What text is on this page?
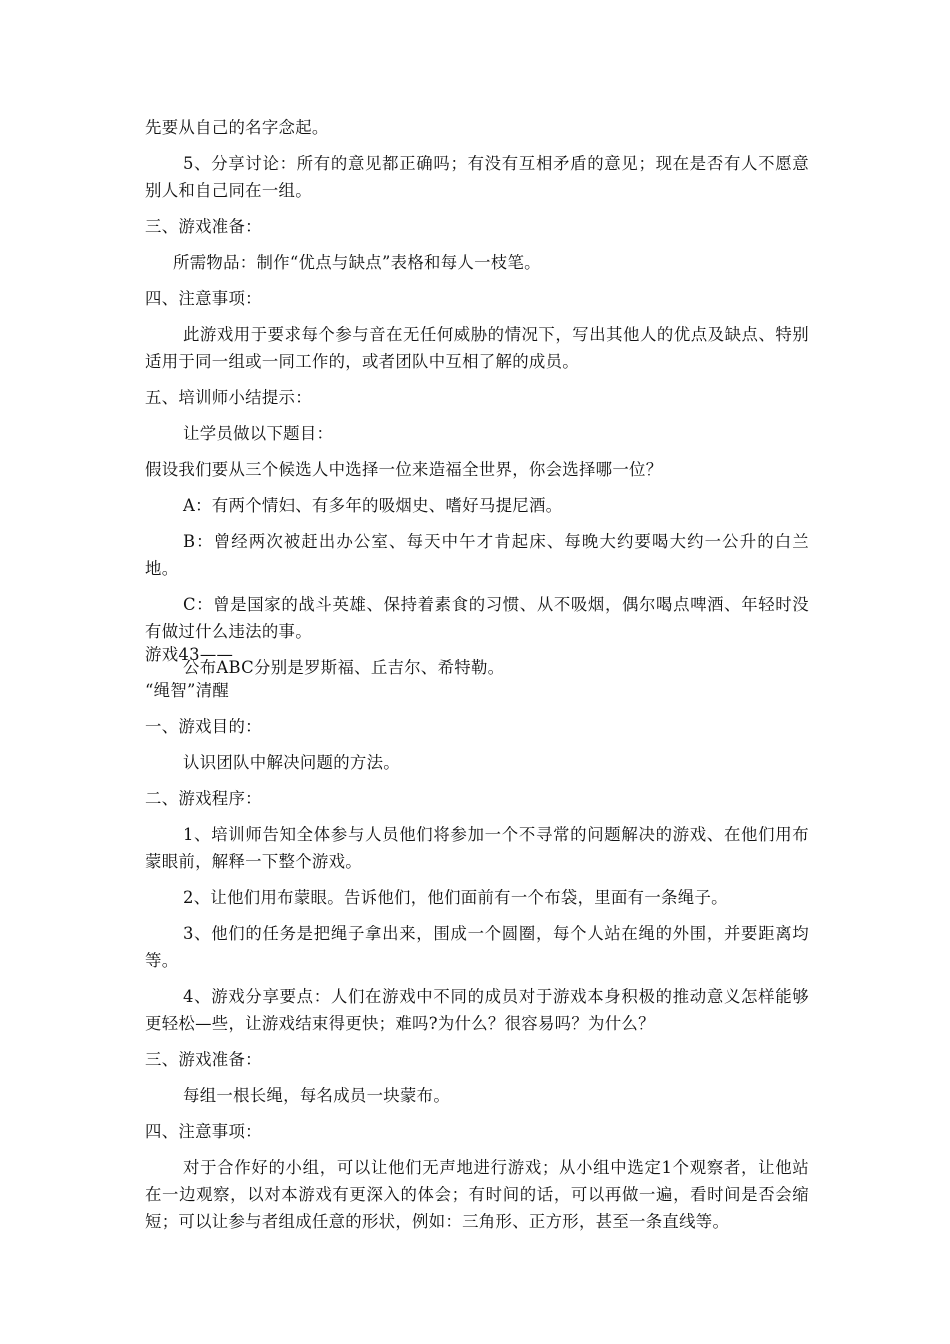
先要从自己的名字念起。

5、分享讨论：所有的意见都正确吗；有没有互相矛盾的意见；现在是否有人不愿意别人和自己同在一组。

三、游戏准备：

所需物品：制作“优点与缺点”表格和每人一枝笔。

四、注意事项：

此游戏用于要求每个参与音在无任何威胁的情况下，写出其他人的优点及缺点、特别适用于同一组或一同工作的，或者团队中互相了解的成员。

五、培训师小结提示：

让学员做以下题目：

假设我们要从三个候选人中选择一位来造福全世界，你会选择哪一位？

A：有两个情妇、有多年的吸烟史、嗜好马提尼酒。

B：曾经两次被赶出办公室、每天中午才肯起床、每晚大约要喝大约一公升的白兰地。

C：曾是国家的战斗英雄、保持着素食的习惯、从不吸烟，偶尔喝点啤酒、年轻时没有做过什么违法的事。

公布ABC分别是罗斯福、丘吉尔、希特勒。

游戏43——

“绳智”清醒

一、游戏目的：

认识团队中解决问题的方法。

二、游戏程序：

1、培训师告知全体参与人员他们将参加一个不寻常的问题解决的游戏、在他们用布蒙眼前，解释一下整个游戏。

2、让他们用布蒙眼。告诉他们，他们面前有一个布袋，里面有一条绳子。

3、他们的任务是把绳子拿出来，围成一个圆圈，每个人站在绳的外围，并要距离均等。

4、游戏分享要点：人们在游戏中不同的成员对于游戏本身积极的推动意义怎样能够更轻松—些，让游戏结束得更快；难吗?为什么？很容易吗？为什么？

三、游戏准备：

每组一根长绳，每名成员一块蒙布。

四、注意事项：

对于合作好的小组，可以让他们无声地进行游戏；从小组中选定1个观察者，让他站在一边观察，以对本游戏有更深入的体会；有时间的话，可以再做一遍，看时间是否会缩短；可以让参与者组成任意的形状，例如：三角形、正方形，甚至一条直线等。
